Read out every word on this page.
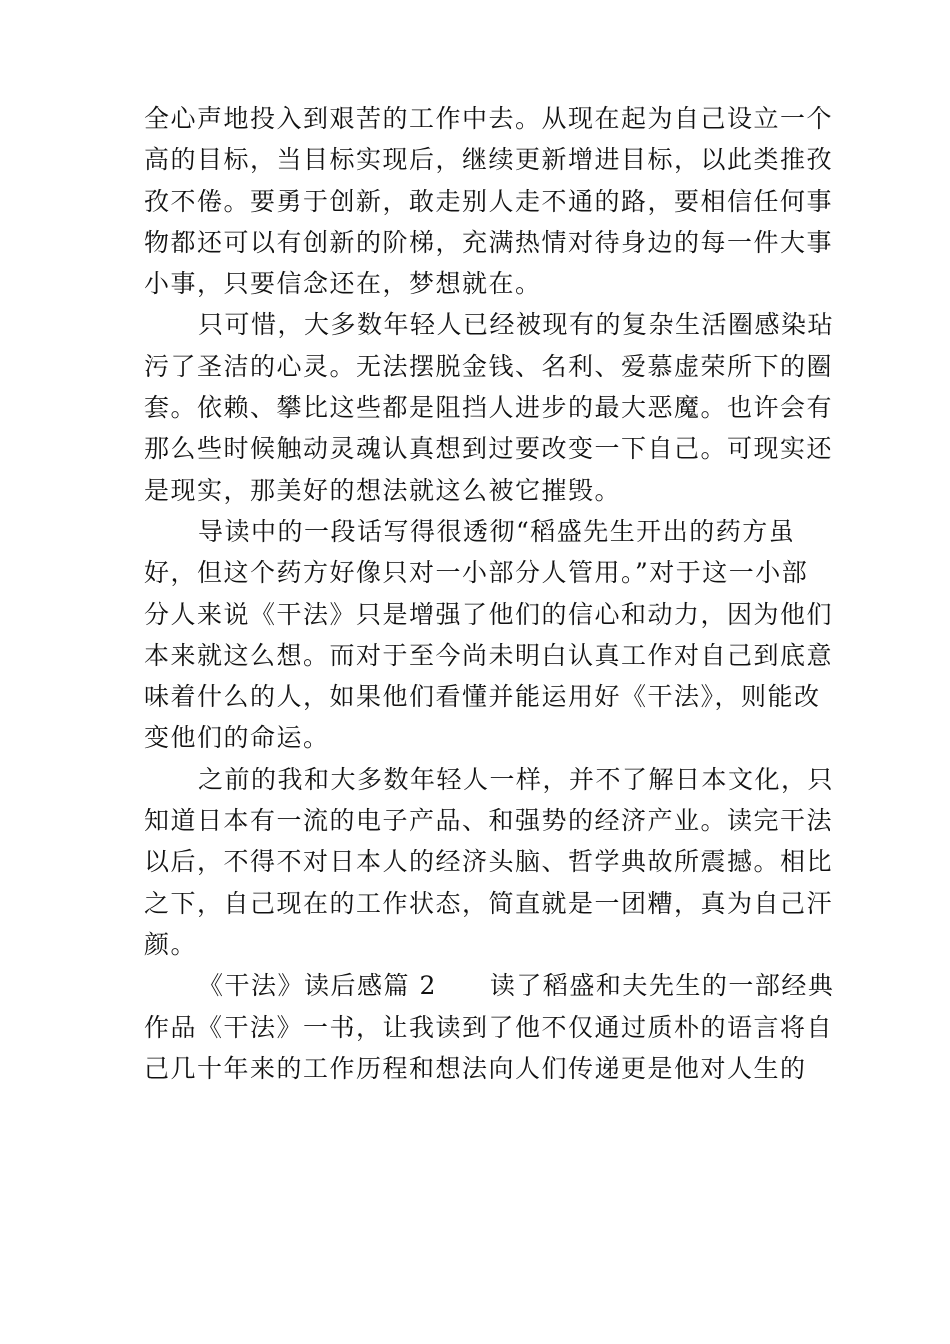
全心声地投入到艰苦的工作中去。从现在起为自己设立一个
高的目标，当目标实现后，继续更新增进目标，以此类推孜
孜不倦。要勇于创新，敢走别人走不通的路，要相信任何事
物都还可以有创新的阶梯，充满热情对待身边的每一件大事
小事，只要信念还在，梦想就在。
只可惜，大多数年轻人已经被现有的复杂生活圈感染玷
污了圣洁的心灵。无法摆脱金钱、名利、爱慕虚荣所下的圈
套。依赖、攀比这些都是阻挡人进步的最大恶魔。也许会有
那么些时候触动灵魂认真想到过要改变一下自己。可现实还
是现实，那美好的想法就这么被它摧毁。
导读中的一段话写得很透彻“稻盛先生开出的药方虽
好，但这个药方好像只对一小部分人管用。”对于这一小部
分人来说《干法》只是增强了他们的信心和动力，因为他们
本来就这么想。而对于至今尚未明白认真工作对自己到底意
味着什么的人，如果他们看懂并能运用好《干法》，则能改
变他们的命运。
之前的我和大多数年轻人一样，并不了解日本文化，只
知道日本有一流的电子产品、和强势的经济产业。读完干法
以后，不得不对日本人的经济头脑、哲学典故所震撼。相比
之下，自己现在的工作状态，简直就是一团糟，真为自己汗
颜。
《干法》读后感篇 2　　读了稻盛和夫先生的一部经典
作品《干法》一书，让我读到了他不仅通过质朴的语言将自
己几十年来的工作历程和想法向人们传递更是他对人生的
